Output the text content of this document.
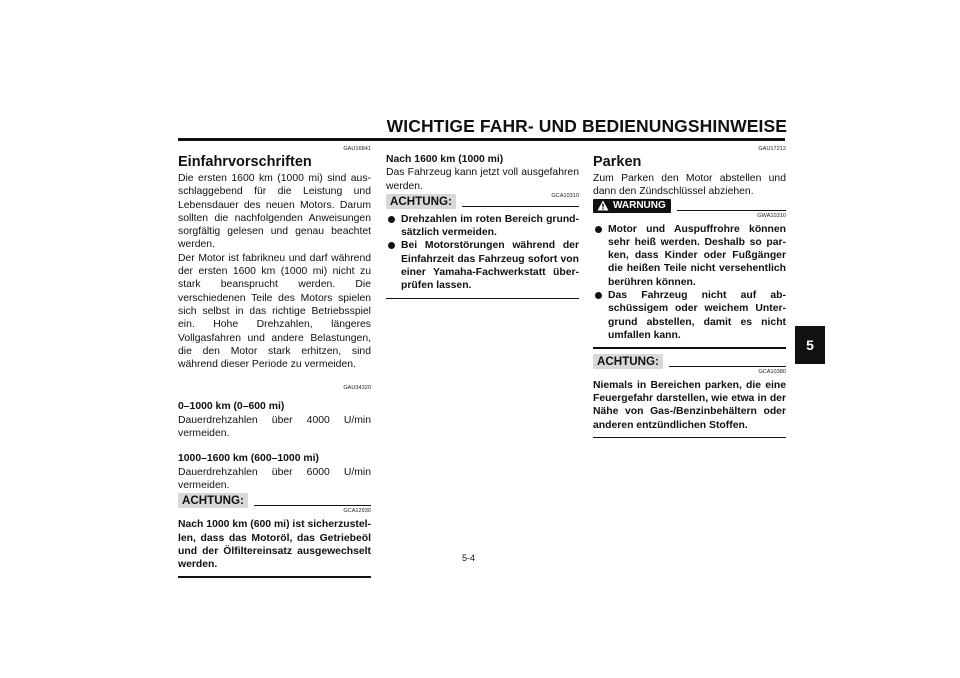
WICHTIGE FAHR- UND BEDIENUNGSHINWEISE
5
GAU16841
Einfahrvorschriften

Die ersten 1600 km (1000 mi) sind ausschlaggebend für die Leistung und Lebensdauer des neuen Motors. Darum sollten die nachfolgenden Anweisungen sorgfältig gelesen und genau beachtet werden.

Der Motor ist fabrikneu und darf während der ersten 1600 km (1000 mi) nicht zu stark beansprucht werden. Die verschiedenen Teile des Motors spielen sich selbst in das richtige Betriebsspiel ein. Hohe Drehzahlen, längeres Vollgasfahren und andere Belastungen, die den Motor stark erhitzen, sind während dieser Periode zu vermeiden.

GAU34320

0–1000 km (0–600 mi)

Dauerdrehzahlen über 4000 U/min vermeiden.

1000–1600 km (600–1000 mi)

Dauerdrehzahlen über 6000 U/min vermeiden.

ACHTUNG:
GCA12930

Nach 1000 km (600 mi) ist sicherzustellen, dass das Motoröl, das Getriebeöl und der Ölfiltereinsatz ausgewechselt werden.

Nach 1600 km (1000 mi)

Das Fahrzeug kann jetzt voll ausgefahren werden.

ACHTUNG:	GCA10310
Drehzahlen im roten Bereich grundsätzlich vermeiden.
Bei Motorstörungen während der Einfahrzeit das Fahrzeug sofort von einer Yamaha-Fachwerkstatt überprüfen lassen.
GAU17212
Parken

Zum Parken den Motor abstellen und dann den Zündschlüssel abziehen.

WARNUNG
GWA10310
Motor und Auspuffrohre können sehr heiß werden. Deshalb so parken, dass Kinder oder Fußgänger die heißen Teile nicht versehentlich berühren können.
Das Fahrzeug nicht auf abschüssigem oder weichem Untergrund abstellen, damit es nicht umfallen kann.
ACHTUNG:
GCA10380

Niemals in Bereichen parken, die eine Feuergefahr darstellen, wie etwa in der Nähe von Gas-/Benzinbehältern oder anderen entzündlichen Stoffen.

5-4
